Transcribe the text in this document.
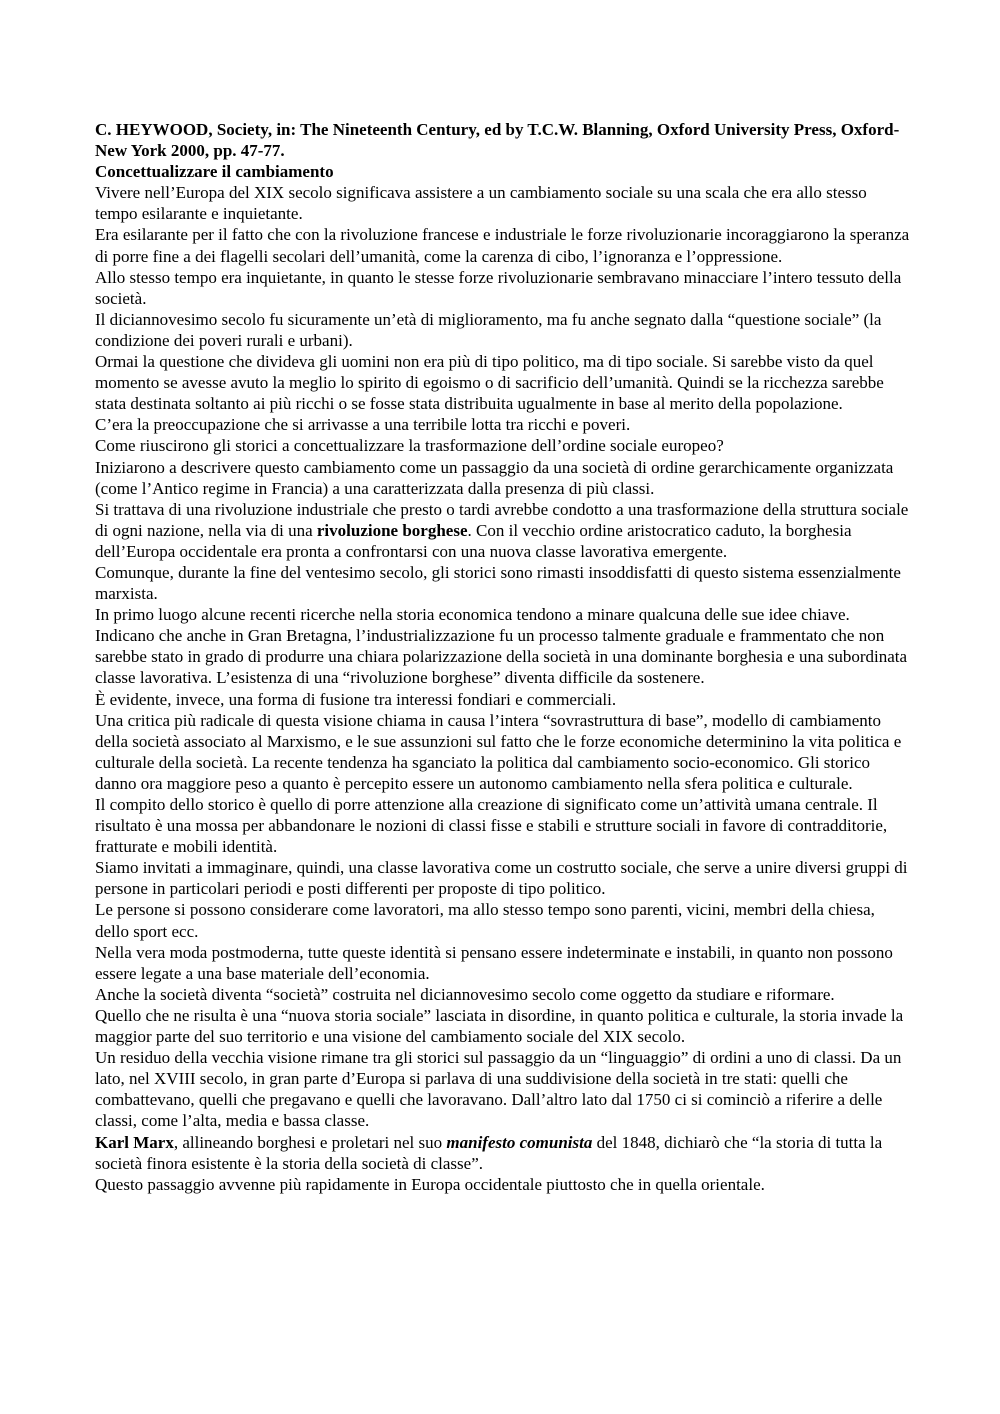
C. HEYWOOD, Society, in: The Nineteenth Century, ed by T.C.W. Blanning, Oxford University Press, Oxford-New York 2000, pp. 47-77.

Concettualizzare il cambiamento

Vivere nell’Europa del XIX secolo significava assistere a un cambiamento sociale su una scala che era allo stesso tempo esilarante e inquietante.

Era esilarante per il fatto che con la rivoluzione francese e industriale le forze rivoluzionarie incoraggiarono la speranza di porre fine a dei flagelli secolari dell’umanità, come la carenza di cibo, l’ignoranza e l’oppressione.

Allo stesso tempo era inquietante, in quanto le stesse forze rivoluzionarie sembravano minacciare l’intero tessuto della società.

Il diciannovesimo secolo fu sicuramente un’età di miglioramento, ma fu anche segnato dalla “questione sociale” (la condizione dei poveri rurali e urbani).

Ormai la questione che divideva gli uomini non era più di tipo politico, ma di tipo sociale. Si sarebbe visto da quel momento se avesse avuto la meglio lo spirito di egoismo o di sacrificio dell’umanità. Quindi se la ricchezza sarebbe stata destinata soltanto ai più ricchi o se fosse stata distribuita ugualmente in base al merito della popolazione.

C’era la preoccupazione che si arrivasse a una terribile lotta tra ricchi e poveri.

Come riuscirono gli storici a concettualizzare la trasformazione dell’ordine sociale europeo?

Iniziarono a descrivere questo cambiamento come un passaggio da una società di ordine gerarchicamente organizzata (come l’Antico regime in Francia) a una caratterizzata dalla presenza di più classi.

Si trattava di una rivoluzione industriale che presto o tardi avrebbe condotto a una trasformazione della struttura sociale di ogni nazione, nella via di una rivoluzione borghese. Con il vecchio ordine aristocratico caduto, la borghesia dell’Europa occidentale era pronta a confrontarsi con una nuova classe lavorativa emergente.

Comunque, durante la fine del ventesimo secolo, gli storici sono rimasti insoddisfatti di questo sistema essenzialmente marxista.

In primo luogo alcune recenti ricerche nella storia economica tendono a minare qualcuna delle sue idee chiave. Indicano che anche in Gran Bretagna, l’industrializzazione fu un processo talmente graduale e frammentato che non sarebbe stato in grado di produrre una chiara polarizzazione della società in una dominante borghesia e una subordinata classe lavorativa. L’esistenza di una “rivoluzione borghese” diventa difficile da sostenere.

È evidente, invece, una forma di fusione tra interessi fondiari e commerciali.

Una critica più radicale di questa visione chiama in causa l’intera “sovrastruttura di base”, modello di cambiamento della società associato al Marxismo, e le sue assunzioni sul fatto che le forze economiche determinino la vita politica e culturale della società. La recente tendenza ha sganciato la politica dal cambiamento socio-economico. Gli storico danno ora maggiore peso a quanto è percepito essere un autonomo cambiamento nella sfera politica e culturale.

Il compito dello storico è quello di porre attenzione alla creazione di significato come un’attività umana centrale. Il risultato è una mossa per abbandonare le nozioni di classi fisse e stabili e strutture sociali in favore di contradditorie, fratturate e mobili identità.

Siamo invitati a immaginare, quindi, una classe lavorativa come un costrutto sociale, che serve a unire diversi gruppi di persone in particolari periodi e posti differenti per proposte di tipo politico.

Le persone si possono considerare come lavoratori, ma allo stesso tempo sono parenti, vicini, membri della chiesa, dello sport ecc.

Nella vera moda postmoderna, tutte queste identità si pensano essere indeterminate e instabili, in quanto non possono essere legate a una base materiale dell’economia.

Anche la società diventa “società” costruita nel diciannovesimo secolo come oggetto da studiare e riformare.

Quello che ne risulta è una “nuova storia sociale” lasciata in disordine, in quanto politica e culturale, la storia invade la maggior parte del suo territorio e una visione del cambiamento sociale del XIX secolo.

Un residuo della vecchia visione rimane tra gli storici sul passaggio da un “linguaggio” di ordini a uno di classi. Da un lato, nel XVIII secolo, in gran parte d’Europa si parlava di una suddivisione della società in tre stati: quelli che combattevano, quelli che pregavano e quelli che lavoravano. Dall’altro lato dal 1750 ci si cominciò a riferire a delle classi, come l’alta, media e bassa classe.

Karl Marx, allineando borghesi e proletari nel suo manifesto comunista del 1848, dichiarò che “la storia di tutta la società finora esistente è la storia della società di classe”.

Questo passaggio avvenne più rapidamente in Europa occidentale piuttosto che in quella orientale.
